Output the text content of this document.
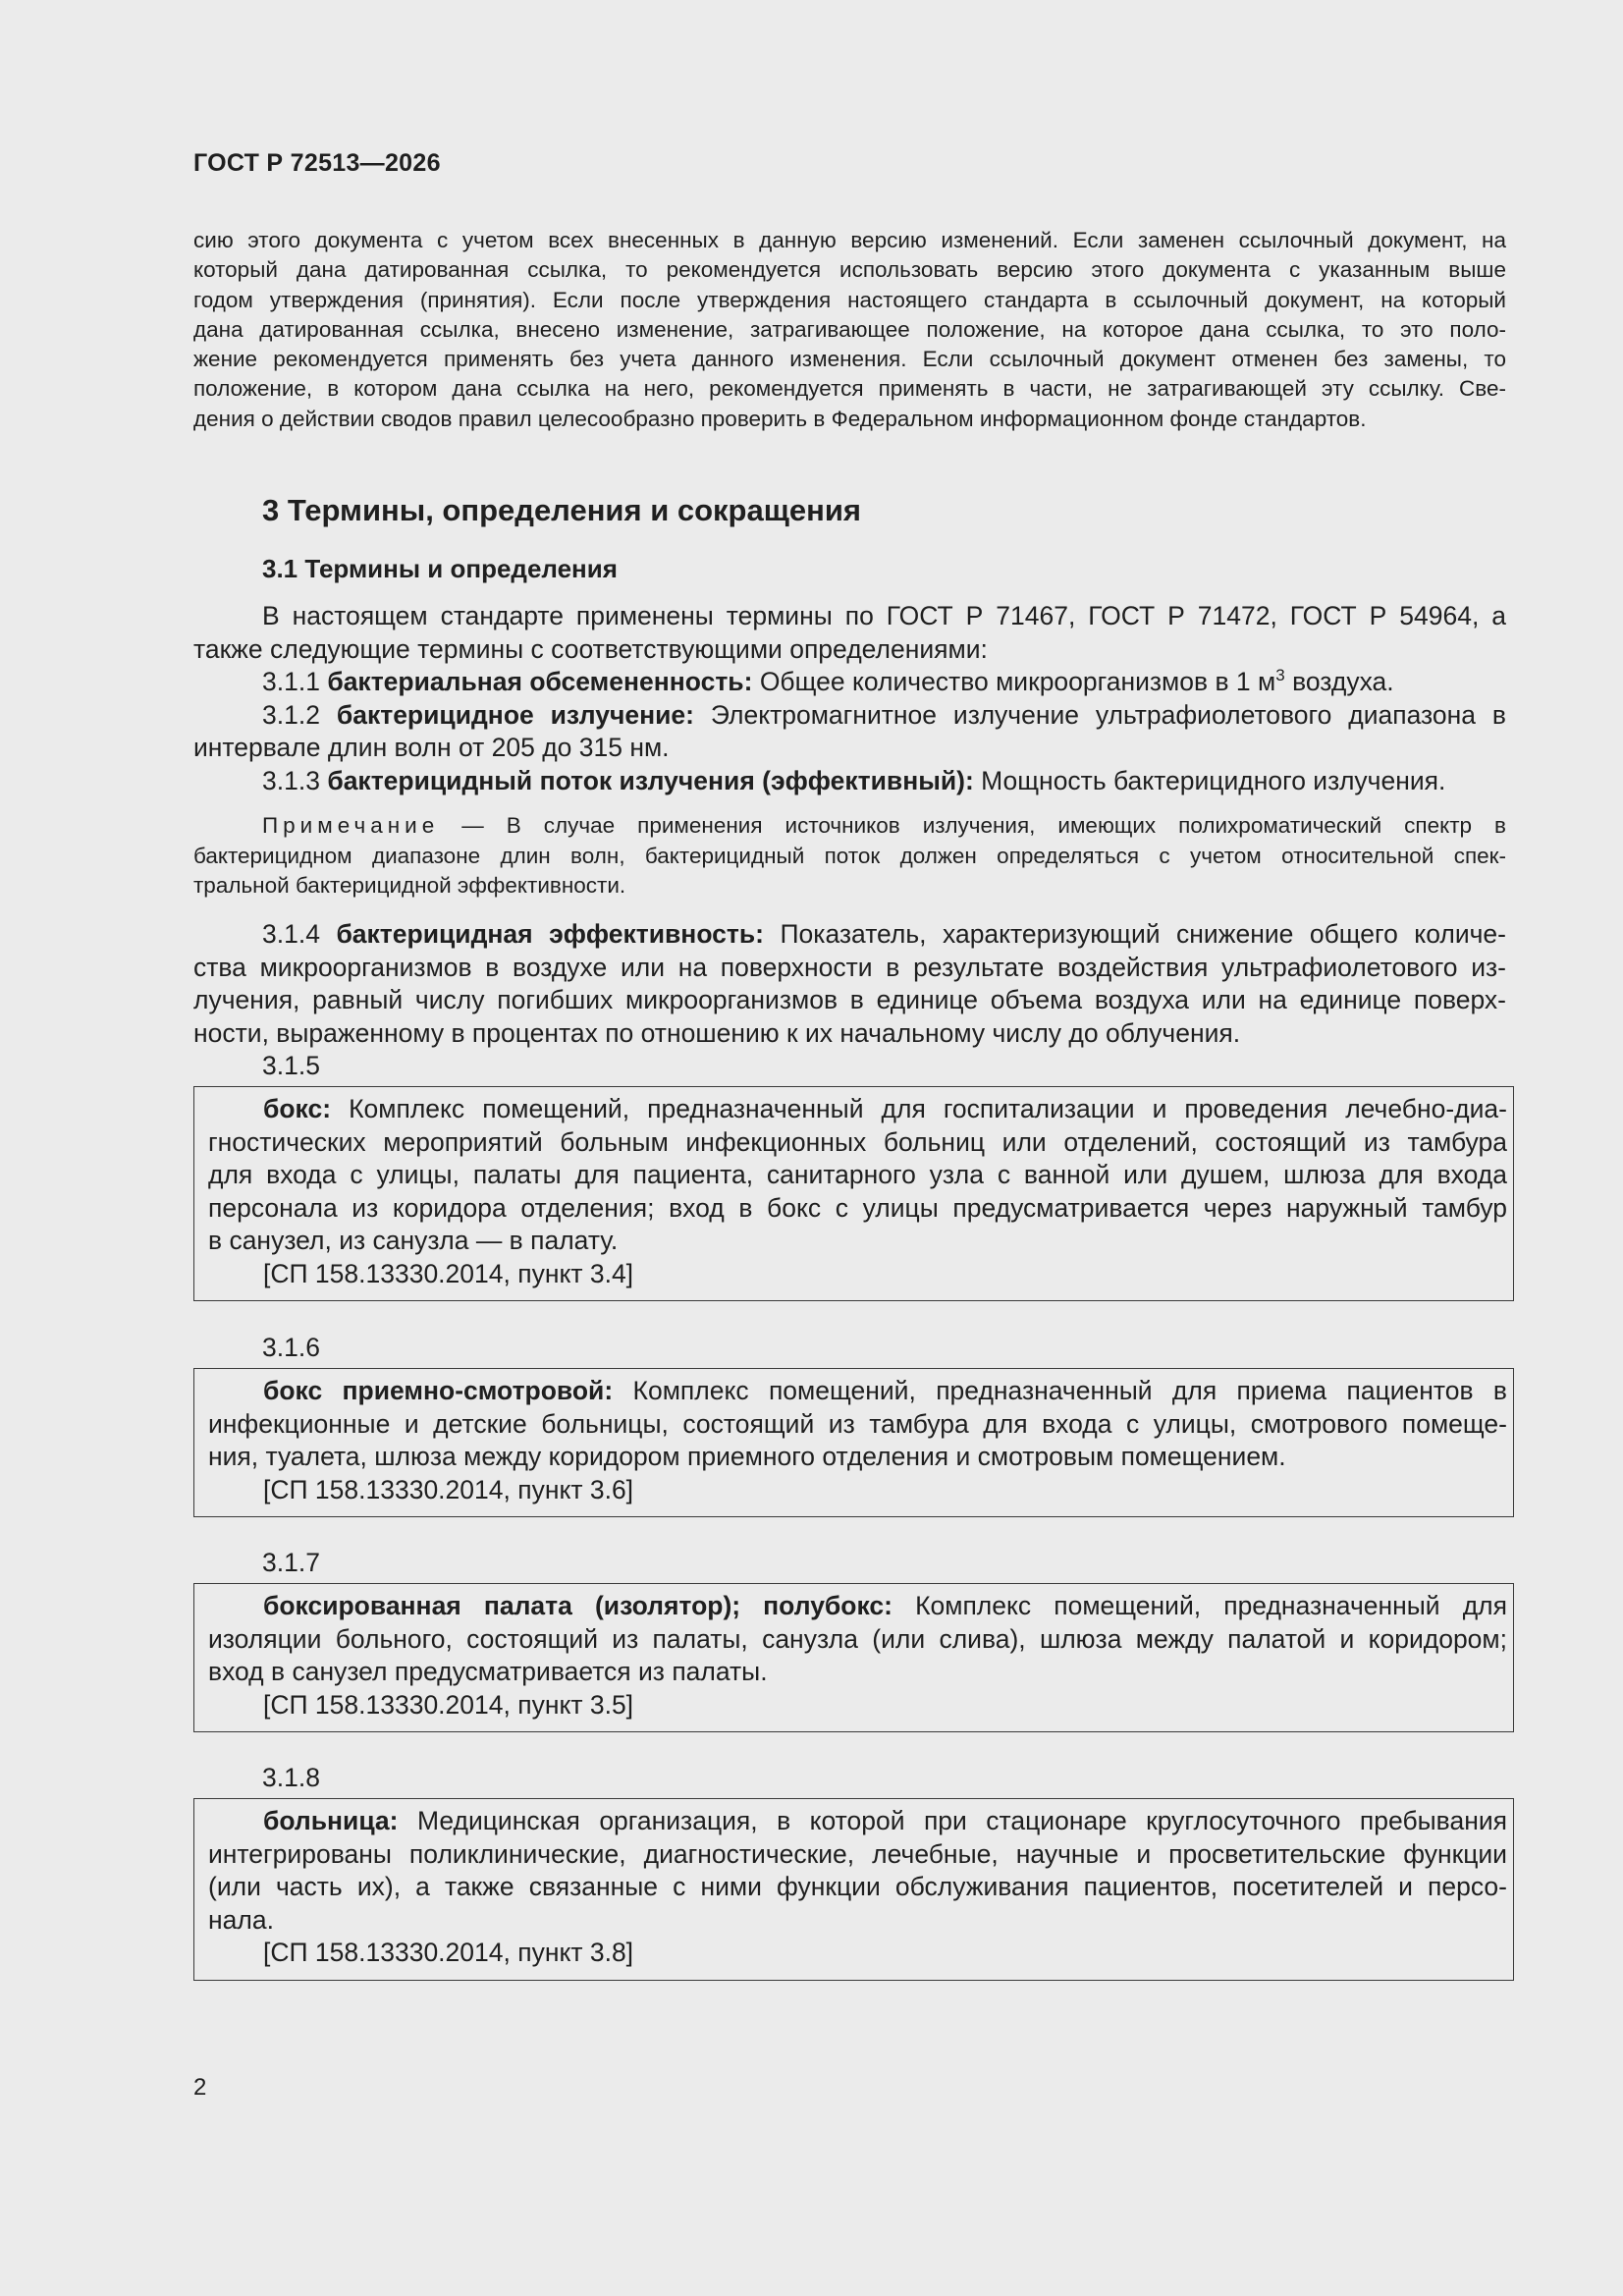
ГОСТ Р 72513—2026
сию этого документа с учетом всех внесенных в данную версию изменений. Если заменен ссылочный документ, на
который дана датированная ссылка, то рекомендуется использовать версию этого документа с указанным выше
годом утверждения (принятия). Если после утверждения настоящего стандарта в ссылочный документ, на который
дана датированная ссылка, внесено изменение, затрагивающее положение, на которое дана ссылка, то это поло-
жение рекомендуется применять без учета данного изменения. Если ссылочный документ отменен без замены, то
положение, в котором дана ссылка на него, рекомендуется применять в части, не затрагивающей эту ссылку. Све-
дения о действии сводов правил целесообразно проверить в Федеральном информационном фонде стандартов.
3 Термины, определения и сокращения
3.1 Термины и определения
В настоящем стандарте применены термины по ГОСТ Р 71467, ГОСТ Р 71472, ГОСТ Р 54964, а
также следующие термины с соответствующими определениями:
3.1.1 бактериальная обсемененность: Общее количество микроорганизмов в 1 $м^3$ воздуха.
3.1.2 бактерицидное излучение: Электромагнитное излучение ультрафиолетового диапазона в
интервале длин волн от 205 до 315 нм.
3.1.3 бактерицидный поток излучения (эффективный): Мощность бактерицидного излучения.
Примечание — В случае применения источников излучения, имеющих полихроматический спектр в
бактерицидном диапазоне длин волн, бактерицидный поток должен определяться с учетом относительной спек-
тральной бактерицидной эффективности.
3.1.4 бактерицидная эффективность: Показатель, характеризующий снижение общего количе-
ства микроорганизмов в воздухе или на поверхности в результате воздействия ультрафиолетового из-
лучения, равный числу погибших микроорганизмов в единице объема воздуха или на единице поверх-
ности, выраженному в процентах по отношению к их начальному числу до облучения.
3.1.5
бокс: Комплекс помещений, предназначенный для госпитализации и проведения лечебно-диа-
гностических мероприятий больным инфекционных больниц или отделений, состоящий из тамбура
для входа с улицы, палаты для пациента, санитарного узла с ванной или душем, шлюза для входа
персонала из коридора отделения; вход в бокс с улицы предусматривается через наружный тамбур
в санузел, из санузла — в палату.
[СП 158.13330.2014, пункт 3.4]
3.1.6
бокс приемно-смотровой: Комплекс помещений, предназначенный для приема пациентов в
инфекционные и детские больницы, состоящий из тамбура для входа с улицы, смотрового помеще-
ния, туалета, шлюза между коридором приемного отделения и смотровым помещением.
[СП 158.13330.2014, пункт 3.6]
3.1.7
боксированная палата (изолятор); полубокс: Комплекс помещений, предназначенный для
изоляции больного, состоящий из палаты, санузла (или слива), шлюза между палатой и коридором;
вход в санузел предусматривается из палаты.
[СП 158.13330.2014, пункт 3.5]
3.1.8
больница: Медицинская организация, в которой при стационаре круглосуточного пребывания
интегрированы поликлинические, диагностические, лечебные, научные и просветительские функции
(или часть их), а также связанные с ними функции обслуживания пациентов, посетителей и персо-
нала.
[СП 158.13330.2014, пункт 3.8]
2
